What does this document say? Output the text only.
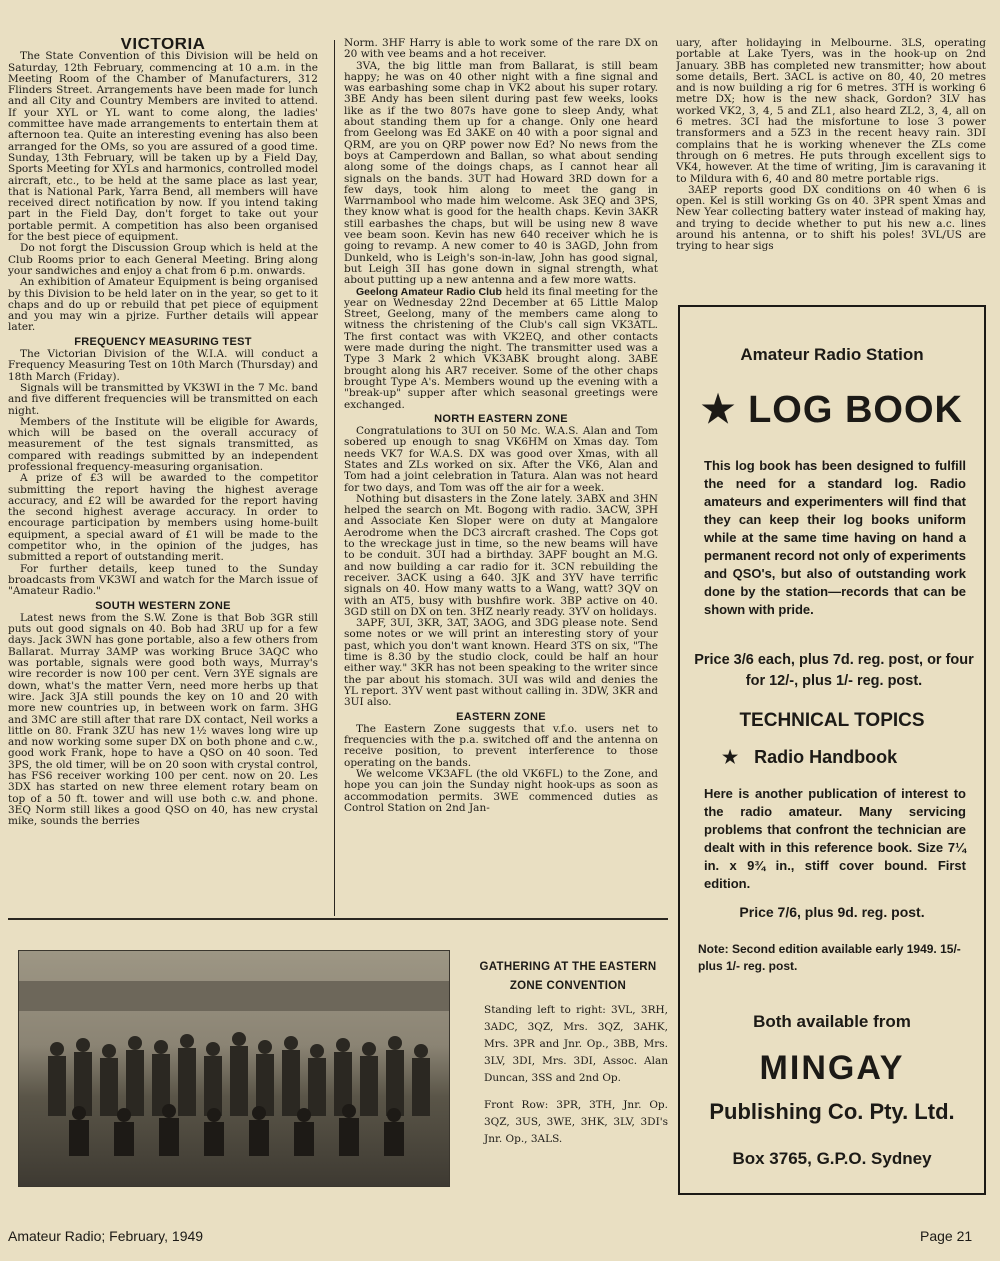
VICTORIA

The State Convention of this Division will be held on Saturday, 12th February, commencing at 10 a.m. in the Meeting Room of the Chamber of Manufacturers, 312 Flinders Street. Arrangements have been made for lunch and all City and Country Members are invited to attend. If your XYL or YL want to come along, the ladies' committee have made arrangements to entertain them at afternoon tea. Quite an interesting evening has also been arranged for the OMs, so you are assured of a good time. Sunday, 13th February, will be taken up by a Field Day, Sports Meeting for XYLs and harmonics, controlled model aircraft, etc., to be held at the same place as last year, that is National Park, Yarra Bend, all members will have received direct notification by now. If you intend taking part in the Field Day, don't forget to take out your portable permit. A competition has also been organised for the best piece of equipment.

Do not forgt the Discussion Group which is held at the Club Rooms prior to each General Meeting. Bring along your sandwiches and enjoy a chat from 6 p.m. onwards.

An exhibition of Amateur Equipment is being organised by this Division to be held later on in the year, so get to it chaps and do up or rebuild that pet piece of equipment and you may win a pjrize. Further details will appear later.

FREQUENCY MEASURING TEST

The Victorian Division of the W.I.A. will conduct a Frequency Measuring Test on 10th March (Thursday) and 18th March (Friday).

Signals will be transmitted by VK3WI in the 7 Mc. band and five different frequencies will be transmitted on each night.

Members of the Institute will be eligible for Awards, which will be based on the overall accuracy of measurement of the test signals transmitted, as compared with readings submitted by an independent professional frequency-measuring organisation.

A prize of £3 will be awarded to the competitor submitting the report having the highest average accuracy, and £2 will be awarded for the report having the second highest average accuracy. In order to encourage participation by members using home-built equipment, a special award of £1 will be made to the competitor who, in the opinion of the judges, has submitted a report of outstanding merit.

For further details, keep tuned to the Sunday broadcasts from VK3WI and watch for the March issue of "Amateur Radio."

SOUTH WESTERN ZONE

Latest news from the S.W. Zone is that Bob 3GR still puts out good signals on 40. Bob had 3RU up for a few days. Jack 3WN has gone portable, also a few others from Ballarat. Murray 3AMP was working Bruce 3AQC who was portable, signals were good both ways, Murray's wire recorder is now 100 per cent. Vern 3YE signals are down, what's the matter Vern, need more herbs up that wire. Jack 3JA still pounds the key on 10 and 20 with more new countries up, in between work on farm. 3HG and 3MC are still after that rare DX contact, Neil works a little on 80. Frank 3ZU has new 1½ waves long wire up and now working some super DX on both phone and c.w., good work Frank, hope to have a QSO on 40 soon. Ted 3PS, the old timer, will be on 20 soon with crystal control, has FS6 receiver working 100 per cent. now on 20. Les 3DX has started on new three element rotary beam on top of a 50 ft. tower and will use both c.w. and phone. 3EQ Norm still likes a good QSO on 40, has new crystal mike, sounds the berries

Norm. 3HF Harry is able to work some of the rare DX on 20 with vee beams and a hot receiver.

3VA, the big little man from Ballarat, is still beam happy; he was on 40 other night with a fine signal and was earbashing some chap in VK2 about his super rotary. 3BE Andy has been silent during past few weeks, looks like as if the two 807s have gone to sleep Andy, what about standing them up for a change. Only one heard from Geelong was Ed 3AKE on 40 with a poor signal and QRM, are you on QRP power now Ed? No news from the boys at Camperdown and Ballan, so what about sending along some of the doings chaps, as I cannot hear all signals on the bands. 3UT had Howard 3RD down for a few days, took him along to meet the gang in Warrnambool who made him welcome. Ask 3EQ and 3PS, they know what is good for the health chaps. Kevin 3AKR still earbashes the chaps, but will be using new 8 wave vee beam soon. Kevin has new 640 receiver which he is going to revamp. A new comer to 40 is 3AGD, John from Dunkeld, who is Leigh's son-in-law, John has good signal, but Leigh 3II has gone down in signal strength, what about putting up a new antenna and a few more watts.

Geelong Amateur Radio Club held its final meeting for the year on Wednesday 22nd December at 65 Little Malop Street, Geelong, many of the members came along to witness the christening of the Club's call sign VK3ATL. The first contact was with VK2EQ, and other contacts were made during the night. The transmitter used was a Type 3 Mark 2 which VK3ABK brought along. 3ABE brought along his AR7 receiver. Some of the other chaps brought Type A's. Members wound up the evening with a "break-up" supper after which seasonal greetings were exchanged.

NORTH EASTERN ZONE

Congratulations to 3UI on 50 Mc. W.A.S. Alan and Tom sobered up enough to snag VK6HM on Xmas day. Tom needs VK7 for W.A.S. DX was good over Xmas, with all States and ZLs worked on six. After the VK6, Alan and Tom had a joint celebration in Tatura. Alan was not heard for two days, and Tom was off the air for a week.

Nothing but disasters in the Zone lately. 3ABX and 3HN helped the search on Mt. Bogong with radio. 3ACW, 3PH and Associate Ken Sloper were on duty at Mangalore Aerodrome when the DC3 aircraft crashed. The Cops got to the wreckage just in time, so the new beams will have to be conduit. 3UI had a birthday. 3APF bought an M.G. and now building a car radio for it. 3CN rebuilding the receiver. 3ACK using a 640. 3JK and 3YV have terrific signals on 40. How many watts to a Wang, watt? 3QV on with an AT5, busy with bushfire work. 3BP active on 40. 3GD still on DX on ten. 3HZ nearly ready. 3YV on holidays.

3APF, 3UI, 3KR, 3AT, 3AOG, and 3DG please note. Send some notes or we will print an interesting story of your past, which you don't want known. Heard 3TS on six, "The time is 8.30 by the studio clock, could be half an hour either way." 3KR has not been speaking to the writer since the par about his stomach. 3UI was wild and denies the YL report. 3YV went past without calling in. 3DW, 3KR and 3UI also.

EASTERN ZONE

The Eastern Zone suggests that v.f.o. users net to frequencies with the p.a. switched off and the antenna on receive position, to prevent interference to those operating on the bands.

We welcome VK3AFL (the old VK6FL) to the Zone, and hope you can join the Sunday night hook-ups as soon as accommodation permits. 3WE commenced duties as Control Station on 2nd Jan-

uary, after holidaying in Melbourne. 3LS, operating portable at Lake Tyers, was in the hook-up on 2nd January. 3BB has completed new transmitter; how about some details, Bert. 3ACL is active on 80, 40, 20 metres and is now building a rig for 6 metres. 3TH is working 6 metre DX; how is the new shack, Gordon? 3LV has worked VK2, 3, 4, 5 and ZL1, also heard ZL2, 3, 4, all on 6 metres. 3CI had the misfortune to lose 3 power transformers and a 5Z3 in the recent heavy rain. 3DI complains that he is working whenever the ZLs come through on 6 metres. He puts through excellent sigs to VK4, however. At the time of writing, Jim is caravaning it to Mildura with 6, 40 and 80 metre portable rigs.

3AEP reports good DX conditions on 40 when 6 is open. Kel is still working Gs on 40. 3PR spent Xmas and New Year collecting battery water instead of making hay, and trying to decide whether to put his new a.c. lines around his antenna, or to shift his poles! 3VL/US are trying to hear sigs

Amateur Radio Station
★ LOG BOOK
This log book has been designed to fulfill the need for a standard log. Radio amateurs and experimenters will find that they can keep their log books uniform while at the same time having on hand a permanent record not only of experiments and QSO's, but also of outstanding work done by the station—records that can be shown with pride.
Price 3/6 each, plus 7d. reg. post, or four for 12/-, plus 1/- reg. post.
TECHNICAL TOPICS
★ Radio Handbook
Here is another publication of interest to the radio amateur. Many servicing problems that confront the technician are dealt with in this reference book. Size 7¼ in. x 9¾ in., stiff cover bound. First edition.
Price 7/6, plus 9d. reg. post.
Note: Second edition available early 1949. 15/- plus 1/- reg. post.
Both available from
MINGAY
Publishing Co. Pty. Ltd.
Box 3765, G.P.O. Sydney
GATHERING AT THE EASTERN ZONE CONVENTION
Standing left to right: 3VL, 3RH, 3ADC, 3QZ, Mrs. 3QZ, 3AHK, Mrs. 3PR and Jnr. Op., 3BB, Mrs. 3LV, 3DI, Mrs. 3DI, Assoc. Alan Duncan, 3SS and 2nd Op.
Front Row: 3PR, 3TH, Jnr. Op. 3QZ, 3US, 3WE, 3HK, 3LV, 3DI's Jnr. Op., 3ALS.
Amateur Radio; February, 1949	Page 21
